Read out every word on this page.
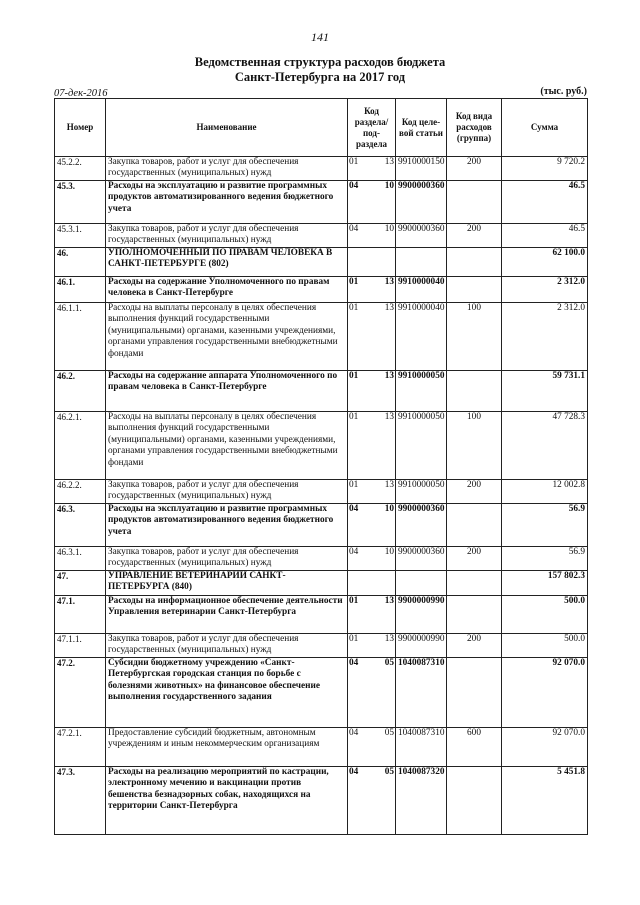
141
Ведомственная структура расходов бюджета
Санкт-Петербурга на 2017 год
07-дек-2016	(тыс. руб.)
Номер	Наименование	Код раздела/ под-раздела	Код целе-вой статьи	Код вида расходов (группа)	Сумма
45.2.2.	Закупка товаров, работ и услуг для обеспечения государственных (муниципальных) нужд	01 13	9910000150	200	9 720.2
45.3.	Расходы на эксплуатацию и развитие программных продуктов автоматизированного ведения бюджетного учета	04 10	9900000360		46.5
45.3.1.	Закупка товаров, работ и услуг для обеспечения государственных (муниципальных) нужд	04 10	9900000360	200	46.5
46.	УПОЛНОМОЧЕННЫЙ ПО ПРАВАМ ЧЕЛОВЕКА В САНКТ-ПЕТЕРБУРГЕ (802)				62 100.0
46.1.	Расходы на содержание Уполномоченного по правам человека в Санкт-Петербурге	01 13	9910000040		2 312.0
46.1.1.	Расходы на выплаты персоналу в целях обеспечения выполнения функций государственными (муниципальными) органами, казенными учреждениями, органами управления государственными внебюджетными фондами	01 13	9910000040	100	2 312.0
46.2.	Расходы на содержание аппарата Уполномоченного по правам человека в Санкт-Петербурге	01 13	9910000050		59 731.1
46.2.1.	Расходы на выплаты персоналу в целях обеспечения выполнения функций государственными (муниципальными) органами, казенными учреждениями, органами управления государственными внебюджетными фондами	01 13	9910000050	100	47 728.3
46.2.2.	Закупка товаров, работ и услуг для обеспечения государственных (муниципальных) нужд	01 13	9910000050	200	12 002.8
46.3.	Расходы на эксплуатацию и развитие программных продуктов автоматизированного ведения бюджетного учета	04 10	9900000360		56.9
46.3.1.	Закупка товаров, работ и услуг для обеспечения государственных (муниципальных) нужд	04 10	9900000360	200	56.9
47.	УПРАВЛЕНИЕ ВЕТЕРИНАРИИ САНКТ-ПЕТЕРБУРГА (840)				157 802.3
47.1.	Расходы на информационное обеспечение деятельности Управления ветеринарии Санкт-Петербурга	01 13	9900000990		500.0
47.1.1.	Закупка товаров, работ и услуг для обеспечения государственных (муниципальных) нужд	01 13	9900000990	200	500.0
47.2.	Субсидии бюджетному учреждению «Санкт-Петербургская городская станция по борьбе с болезнями животных» на финансовое обеспечение выполнения государственного задания	04 05	1040087310		92 070.0
47.2.1.	Предоставление субсидий бюджетным, автономным учреждениям и иным некоммерческим организациям	04 05	1040087310	600	92 070.0
47.3.	Расходы на реализацию мероприятий по кастрации, электронному мечению и вакцинации против бешенства безнадзорных собак, находящихся на территории Санкт-Петербурга	04 05	1040087320		5 451.8
